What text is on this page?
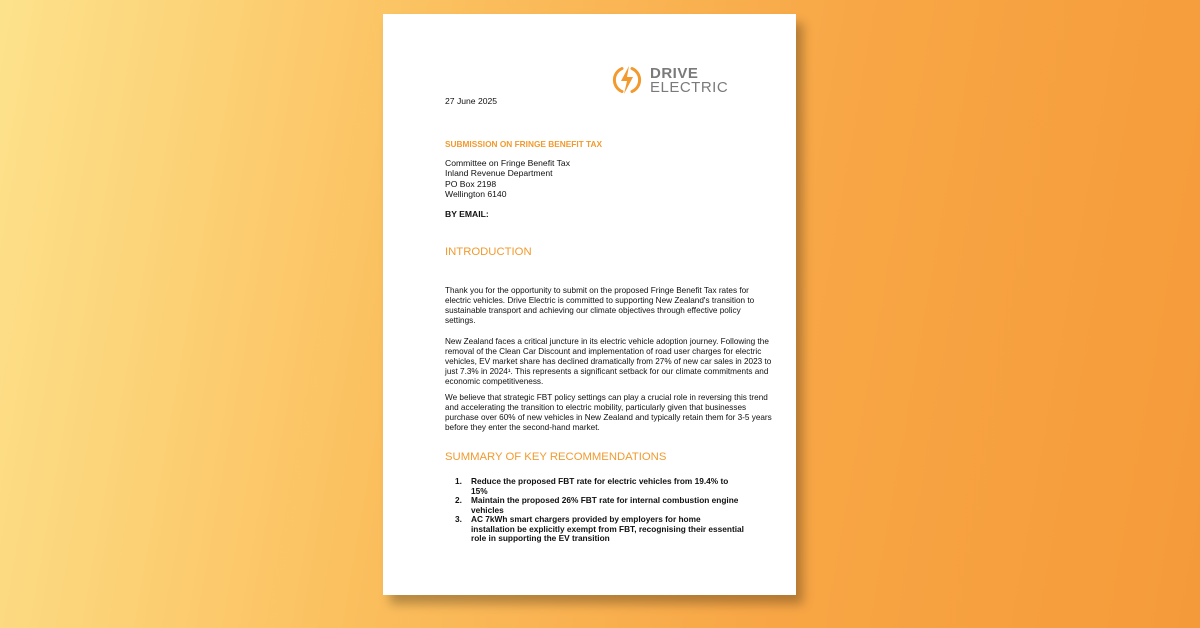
DRIVE
ELECTRIC
27 June 2025
SUBMISSION ON FRINGE BENEFIT TAX
Committee on Fringe Benefit Tax
Inland Revenue Department
PO Box 2198
Wellington 6140
BY EMAIL:
INTRODUCTION
Thank you for the opportunity to submit on the proposed Fringe Benefit Tax rates for electric vehicles. Drive Electric is committed to supporting New Zealand's transition to sustainable transport and achieving our climate objectives through effective policy settings.
New Zealand faces a critical juncture in its electric vehicle adoption journey. Following the removal of the Clean Car Discount and implementation of road user charges for electric vehicles, EV market share has declined dramatically from 27% of new car sales in 2023 to just 7.3% in 2024¹. This represents a significant setback for our climate commitments and economic competitiveness.
We believe that strategic FBT policy settings can play a crucial role in reversing this trend and accelerating the transition to electric mobility, particularly given that businesses purchase over 60% of new vehicles in New Zealand and typically retain them for 3-5 years before they enter the second-hand market.
SUMMARY OF KEY RECOMMENDATIONS
1. Reduce the proposed FBT rate for electric vehicles from 19.4% to 15%
2. Maintain the proposed 26% FBT rate for internal combustion engine vehicles
3. AC 7kWh smart chargers provided by employers for home installation be explicitly exempt from FBT, recognising their essential role in supporting the EV transition
